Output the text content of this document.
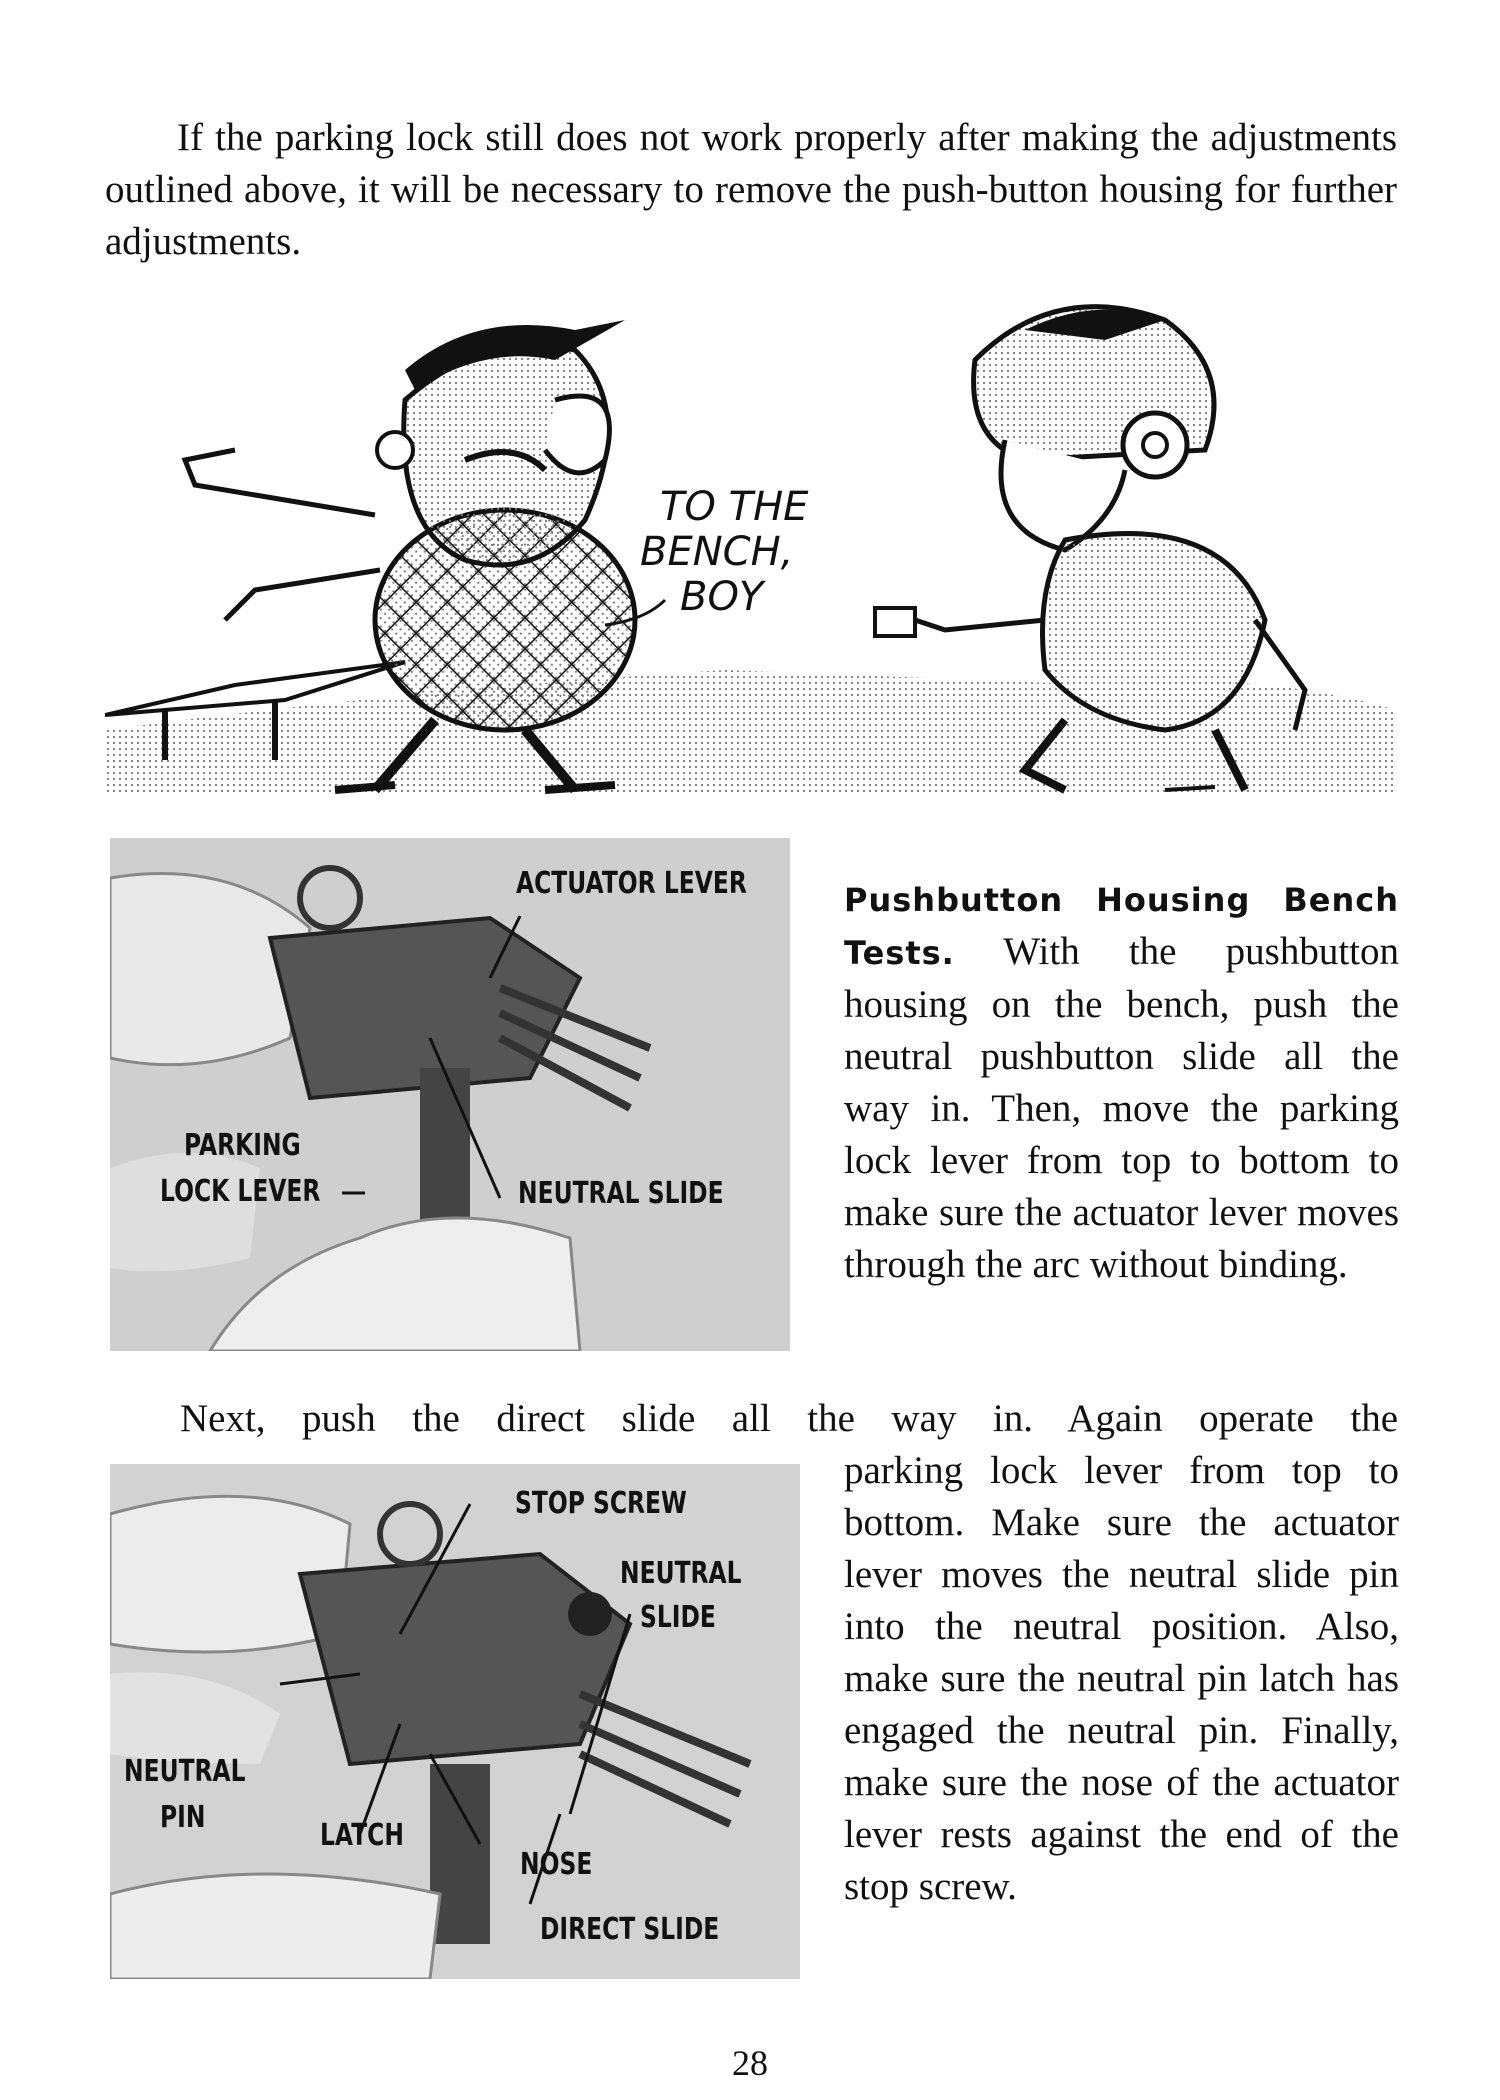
If the parking lock still does not work properly after making the adjustments outlined above, it will be necessary to remove the push-button housing for further adjustments.

TO THE
BENCH,
BOY
ACTUATOR LEVER
PARKING
LOCK LEVER	NEUTRAL SLIDE

Pushbutton Housing Bench Tests. With the pushbutton housing on the bench, push the neutral pushbutton slide all the way in. Then, move the parking lock lever from top to bottom to make sure the actuator lever moves through the arc without binding.

Next, push the direct slide all the way in. Again operate the

parking lock lever from top to bottom. Make sure the actuator lever moves the neutral slide pin into the neutral position. Also, make sure the neutral pin latch has engaged the neutral pin. Finally, make sure the nose of the actuator lever rests against the end of the stop screw.

STOP SCREW
NEUTRAL
SLIDE
NEUTRAL
PIN
LATCH
NOSE
DIRECT SLIDE
28
